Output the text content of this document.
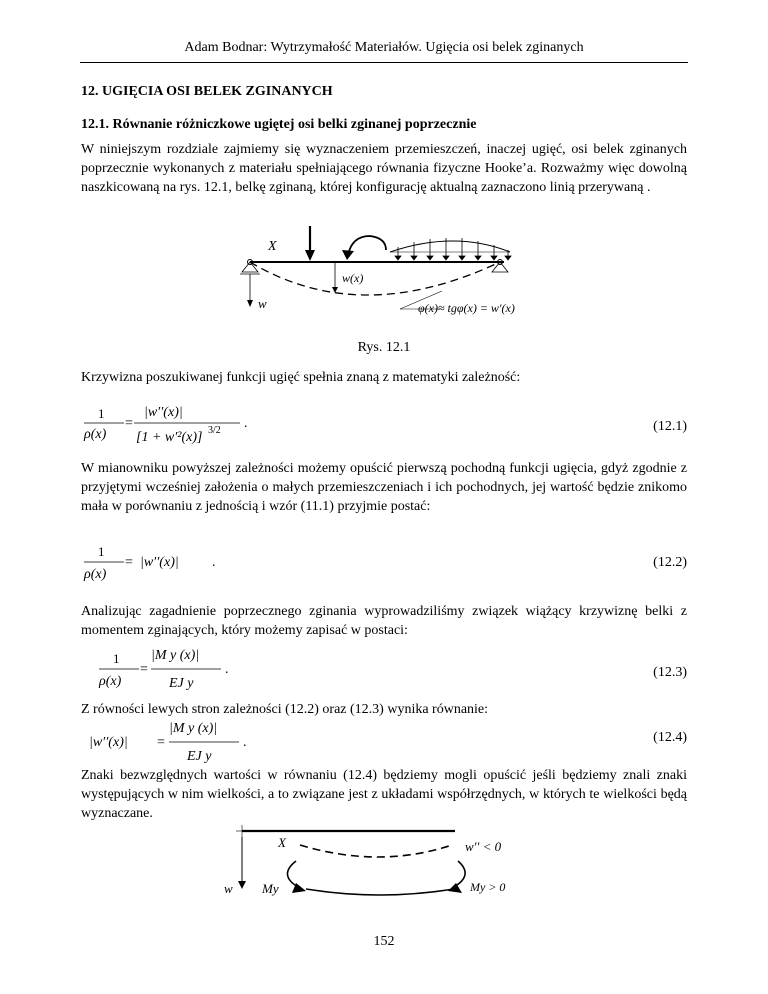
Adam Bodnar: Wytrzymałość Materiałów. Ugięcia osi belek zginanych
12. UGIĘCIA OSI BELEK ZGINANYCH
12.1. Równanie różniczkowe ugiętej osi belki zginanej poprzecznie
W niniejszym rozdziale zajmiemy się wyznaczeniem przemieszczeń, inaczej ugięć, osi belek zginanych poprzecznie wykonanych z materiału spełniającego równania fizyczne Hooke’a. Rozważmy więc dowolną naszkicowaną na rys. 12.1, belkę zginaną, której konfigurację aktualną zaznaczono linią przerywaną .
X
w
w(x)
φ(x)≈ tgφ(x) = w′(x)
Rys. 12.1
Krzywizna poszukiwanej funkcji ugięć spełnia znaną z matematyki zależność:
1
ρ(x)
=
|w′′(x)|
[1 + w′²(x)] 3/2 .	(12.1)
W mianowniku powyższej zależności możemy opuścić pierwszą pochodną funkcji ugięcia, gdyż zgodnie z przyjętymi wcześniej założenia o małych przemieszczeniach i ich pochodnych, jej wartość będzie znikomo mała w porównaniu z jednością i wzór (11.1) przyjmie postać:
1
ρ(x)
= |w′′(x)| .	(12.2)
Analizując zagadnienie poprzecznego zginania wyprowadziliśmy związek wiążący krzywiznę belki z momentem zginających, który możemy zapisać w postaci:
1
ρ(x)
=
|M y (x)|
EJ y
.	(12.3)
Z równości lewych stron zależności (12.2) oraz (12.3) wynika równanie:
|w′′(x)| =
|M y (x)|
EJ y
.	(12.4)
Znaki bezwzględnych wartości w równaniu (12.4) będziemy mogli opuścić jeśli będziemy znali znaki występujących w nim wielkości, a to związane jest z układami współrzędnych, w których te wielkości będą wyznaczane.
w
X	w′′ < 0
My	My > 0
152
